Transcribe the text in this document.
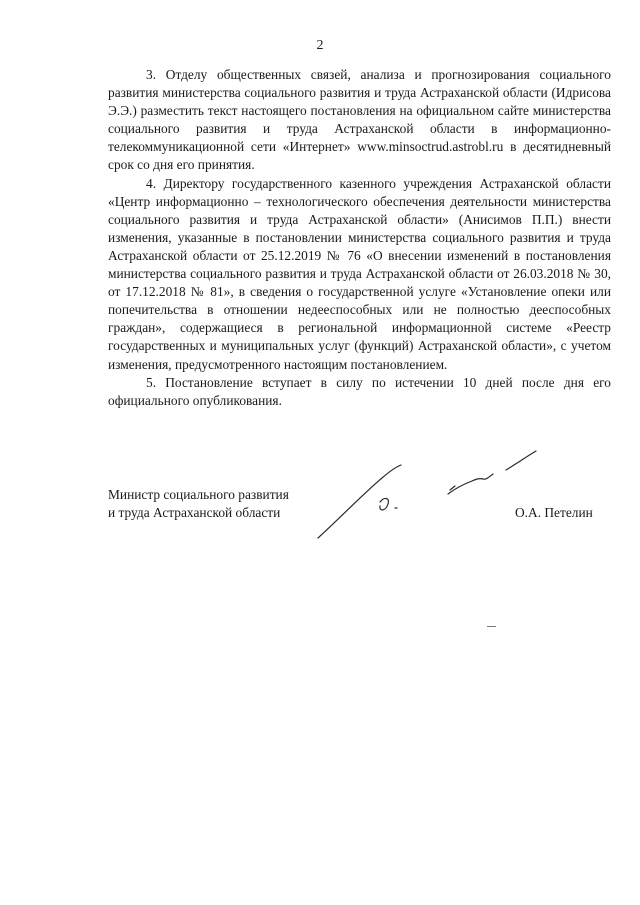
2

3. Отделу общественных связей, анализа и прогнозирования социального развития министерства социального развития и труда Астраханской области (Идрисова Э.Э.) разместить текст настоящего постановления на официальном сайте министерства социального развития и труда Астраханской области в информационно-телекоммуникационной сети «Интернет» www.minsoctrud.astrobl.ru в десятидневный срок со дня его принятия.

4. Директору государственного казенного учреждения Астраханской области «Центр информационно – технологического обеспечения деятельности министерства социального развития и труда Астраханской области» (Анисимов П.П.) внести изменения, указанные в постановлении министерства социального развития и труда Астраханской области от 25.12.2019 № 76 «О внесении изменений в постановления министерства социального развития и труда Астраханской области от 26.03.2018 № 30, от 17.12.2018 № 81», в сведения о государственной услуге «Установление опеки или попечительства в отношении недееспособных или не полностью дееспособных граждан», содержащиеся в региональной информационной системе «Реестр государственных и муниципальных услуг (функций) Астраханской области», с учетом изменения, предусмотренного настоящим постановлением.

5. Постановление вступает в силу по истечении 10 дней после дня его официального опубликования.

Министр социального развития
и труда Астраханской области	О.А. Петелин
